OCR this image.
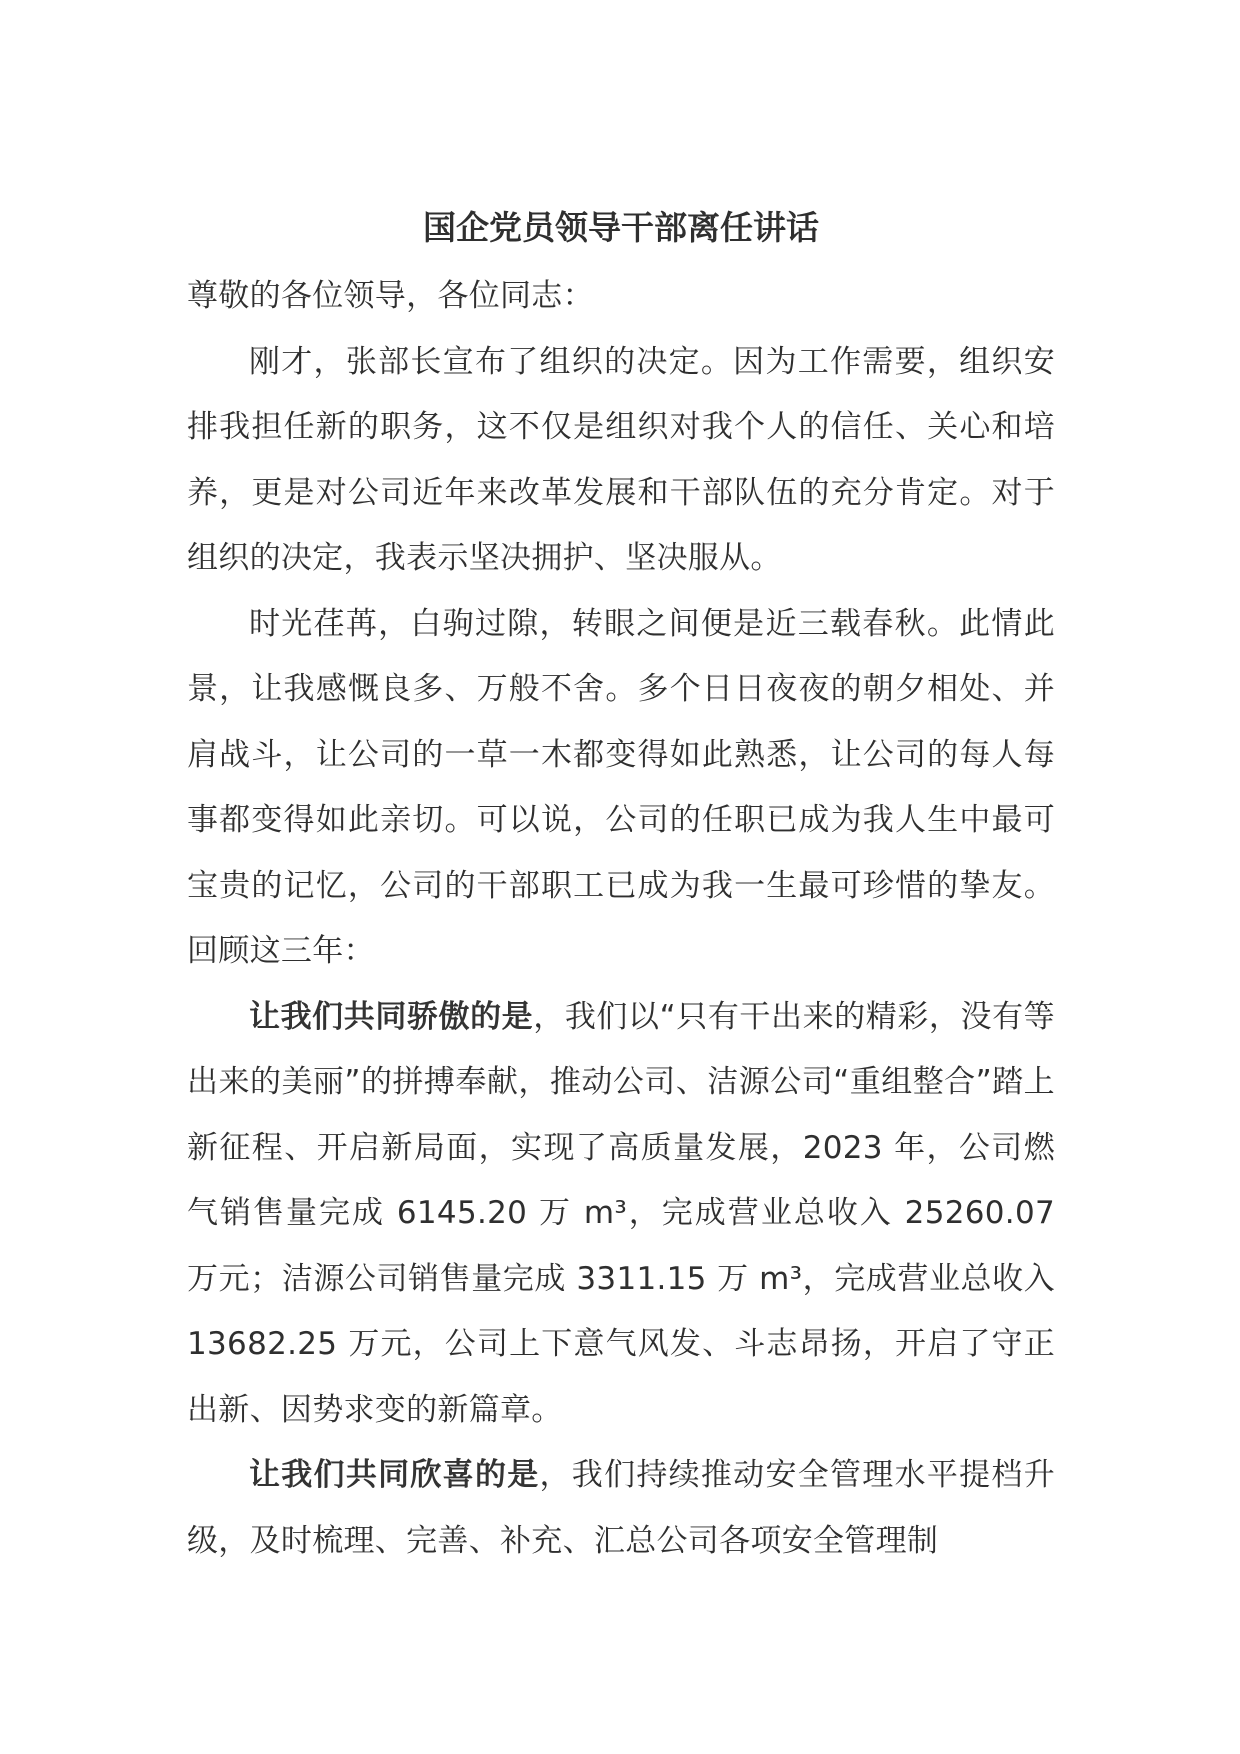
国企党员领导干部离任讲话

尊敬的各位领导，各位同志：

刚才，张部长宣布了组织的决定。因为工作需要，组织安排我担任新的职务，这不仅是组织对我个人的信任、关心和培养，更是对公司近年来改革发展和干部队伍的充分肯定。对于组织的决定，我表示坚决拥护、坚决服从。

时光荏苒，白驹过隙，转眼之间便是近三载春秋。此情此景，让我感慨良多、万般不舍。多个日日夜夜的朝夕相处、并肩战斗，让公司的一草一木都变得如此熟悉，让公司的每人每事都变得如此亲切。可以说，公司的任职已成为我人生中最可宝贵的记忆，公司的干部职工已成为我一生最可珍惜的挚友。回顾这三年：

让我们共同骄傲的是，我们以“只有干出来的精彩，没有等出来的美丽”的拼搏奉献，推动公司、洁源公司“重组整合”踏上新征程、开启新局面，实现了高质量发展，2023 年，公司燃气销售量完成 6145.20 万 m³，完成营业总收入 25260.07 万元；洁源公司销售量完成 3311.15 万 m³，完成营业总收入 13682.25 万元，公司上下意气风发、斗志昂扬，开启了守正出新、因势求变的新篇章。

让我们共同欣喜的是，我们持续推动安全管理水平提档升级，及时梳理、完善、补充、汇总公司各项安全管理制
